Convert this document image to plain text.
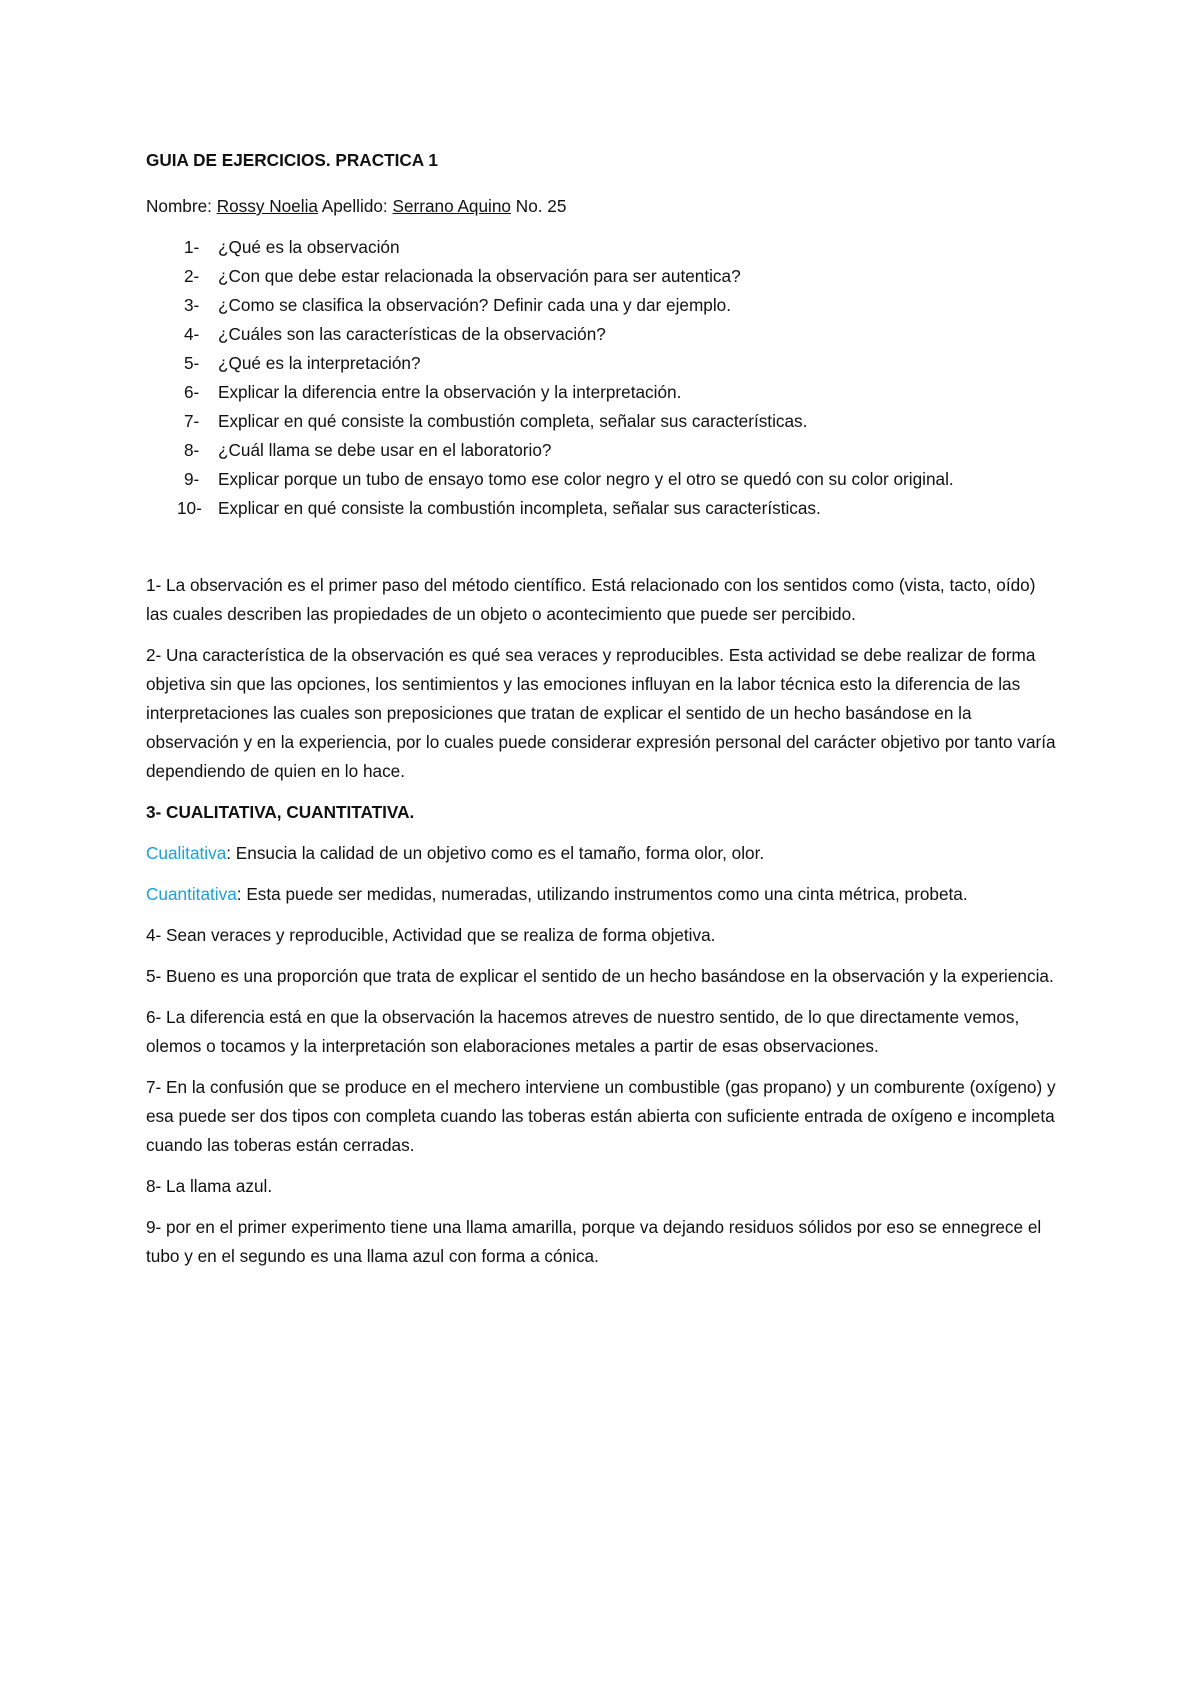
GUIA DE EJERCICIOS. PRACTICA 1

Nombre: Rossy Noelia Apellido: Serrano Aquino No. 25

1- ¿Qué es la observación
2- ¿Con que debe estar relacionada la observación para ser autentica?
3- ¿Como se clasifica la observación? Definir cada una y dar ejemplo.
4- ¿Cuáles son las características de la observación?
5- ¿Qué es la interpretación?
6- Explicar la diferencia entre la observación y la interpretación.
7- Explicar en qué consiste la combustión completa, señalar sus características.
8- ¿Cuál llama se debe usar en el laboratorio?
9- Explicar porque un tubo de ensayo tomo ese color negro y el otro se quedó con su color original.
10- Explicar en qué consiste la combustión incompleta, señalar sus características.

1- La observación es el primer paso del método científico. Está relacionado con los sentidos como (vista, tacto, oído) las cuales describen las propiedades de un objeto o acontecimiento que puede ser percibido.

2- Una característica de la observación es qué sea veraces y reproducibles. Esta actividad se debe realizar de forma objetiva sin que las opciones, los sentimientos y las emociones influyan en la labor técnica esto la diferencia de las interpretaciones las cuales son preposiciones que tratan de explicar el sentido de un hecho basándose en la observación y en la experiencia, por lo cuales puede considerar expresión personal del carácter objetivo por tanto varía dependiendo de quien en lo hace.

3- CUALITATIVA, CUANTITATIVA.

Cualitativa: Ensucia la calidad de un objetivo como es el tamaño, forma olor, olor.

Cuantitativa: Esta puede ser medidas, numeradas, utilizando instrumentos como una cinta métrica, probeta.

4- Sean veraces y reproducible, Actividad que se realiza de forma objetiva.

5- Bueno es una proporción que trata de explicar el sentido de un hecho basándose en la observación y la experiencia.

6- La diferencia está en que la observación la hacemos atreves de nuestro sentido, de lo que directamente vemos, olemos o tocamos y la interpretación son elaboraciones metales a partir de esas observaciones.

7- En la confusión que se produce en el mechero interviene un combustible (gas propano) y un comburente (oxígeno) y esa puede ser dos tipos con completa cuando las toberas están abierta con suficiente entrada de oxígeno e incompleta cuando las toberas están cerradas.

8- La llama azul.

9- por en el primer experimento tiene una llama amarilla, porque va dejando residuos sólidos por eso se ennegrece el tubo y en el segundo es una llama azul con forma a cónica.
